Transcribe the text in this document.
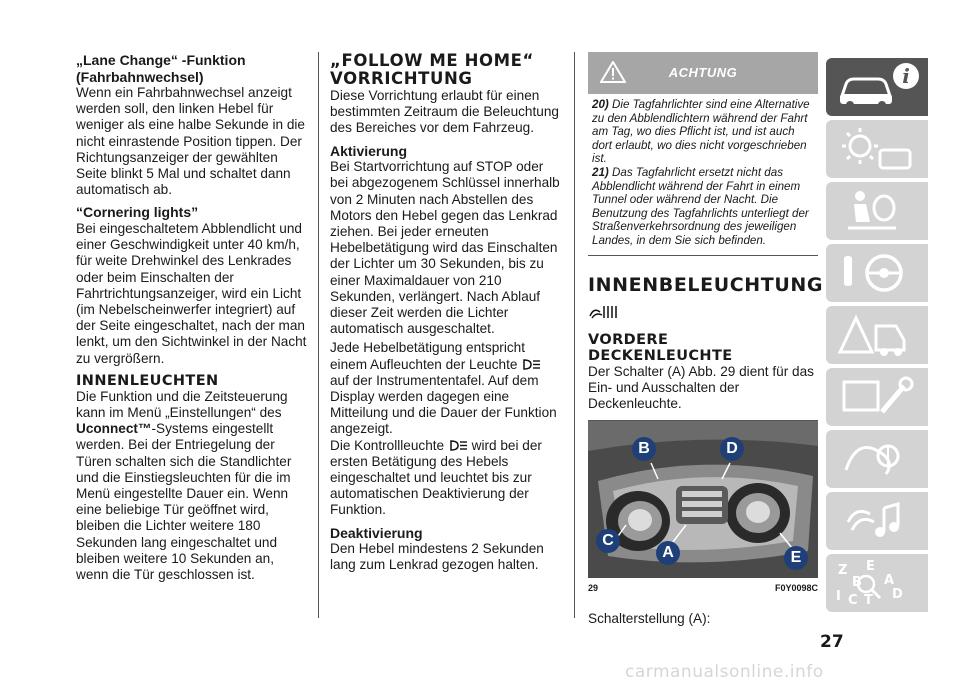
„Lane Change“ -Funktion (Fahrbahnwechsel)

Wenn ein Fahrbahnwechsel anzeigt werden soll, den linken Hebel für weniger als eine halbe Sekunde in die nicht einrastende Position tippen. Der Richtungsanzeiger der gewählten Seite blinkt 5 Mal und schaltet dann automatisch ab.

“Cornering lights”

Bei eingeschaltetem Abblendlicht und einer Geschwindigkeit unter 40 km/h, für weite Drehwinkel des Lenkrades oder beim Einschalten der Fahrtrichtungsanzeiger, wird ein Licht (im Nebelscheinwerfer integriert) auf der Seite eingeschaltet, nach der man lenkt, um den Sichtwinkel in der Nacht zu vergrößern.

INNENLEUCHTEN

Die Funktion und die Zeitsteuerung kann im Menü „Einstellungen“ des Uconnect™-Systems eingestellt werden. Bei der Entriegelung der Türen schalten sich die Standlichter und die Einstiegsleuchten für die im Menü eingestellte Dauer ein. Wenn eine beliebige Tür geöffnet wird, bleiben die Lichter weitere 180 Sekunden lang eingeschaltet und bleiben weitere 10 Sekunden an, wenn die Tür geschlossen ist.

„FOLLOW ME HOME“ VORRICHTUNG

Diese Vorrichtung erlaubt für einen bestimmten Zeitraum die Beleuchtung des Bereiches vor dem Fahrzeug.

Aktivierung

Bei Startvorrichtung auf STOP oder bei abgezogenem Schlüssel innerhalb von 2 Minuten nach Abstellen des Motors den Hebel gegen das Lenkrad ziehen. Bei jeder erneuten Hebelbetätigung wird das Einschalten der Lichter um 30 Sekunden, bis zu einer Maximaldauer von 210 Sekunden, verlängert. Nach Ablauf dieser Zeit werden die Lichter automatisch ausgeschaltet.

Jede Hebelbetätigung entspricht einem Aufleuchten der Leuchte  auf der Instrumententafel. Auf dem Display werden dagegen eine Mitteilung und die Dauer der Funktion angezeigt.

Die Kontrollleuchte wird bei der ersten Betätigung des Hebels eingeschaltet und leuchtet bis zur automatischen Deaktivierung der Funktion.

Deaktivierung

Den Hebel mindestens 2 Sekunden lang zum Lenkrad gezogen halten.

ACHTUNG

20) Die Tagfahrlichter sind eine Alternative zu den Abblendlichtern während der Fahrt am Tag, wo dies Pflicht ist, und ist auch dort erlaubt, wo dies nicht vorgeschrieben ist.

21) Das Tagfahrlicht ersetzt nicht das Abblendlicht während der Fahrt in einem Tunnel oder während der Nacht. Die Benutzung des Tagfahrlichts unterliegt der Straßenverkehrsordnung des jeweiligen Landes, in dem Sie sich befinden.

INNENBELEUCHTUNG
VORDERE DECKENLEUCHTE

Der Schalter (A) Abb. 29 dient für das Ein- und Ausschalten der Deckenleuchte.

B	D
C
A	E
29	F0Y0098C

Schalterstellung (A):

i
Z E
B A
I C T D
27
carmanualsonline.info
